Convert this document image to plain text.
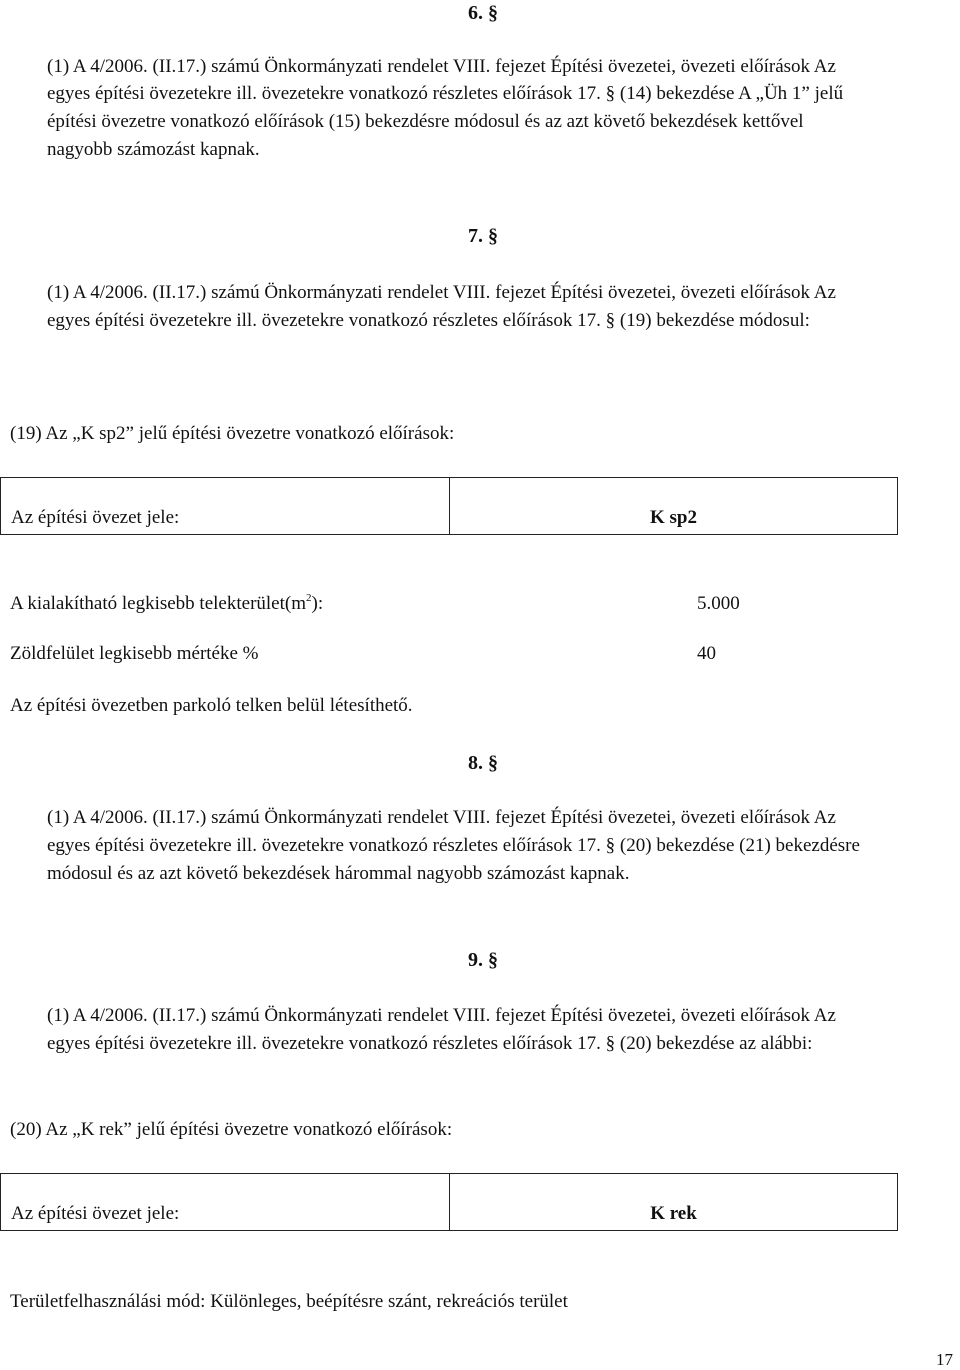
6. §
(1) A 4/2006. (II.17.) számú Önkormányzati rendelet VIII. fejezet Építési övezetei, övezeti előírások Az
egyes építési övezetekre ill. övezetekre vonatkozó részletes előírások 17. § (14) bekezdése A „Üh 1” jelű
építési övezetre vonatkozó előírások (15) bekezdésre módosul és az azt követő bekezdések kettővel
nagyobb számozást kapnak.
7. §
(1) A 4/2006. (II.17.) számú Önkormányzati rendelet VIII. fejezet Építési övezetei, övezeti előírások Az
egyes építési övezetekre ill. övezetekre vonatkozó részletes előírások 17. § (19) bekezdése módosul:
(19) Az „K sp2” jelű építési övezetre vonatkozó előírások:
Az építési övezet jele:	K sp2
A kialakítható legkisebb $telekterület(m^2)$:	5.000
Zöldfelület legkisebb mértéke %	40
Az építési övezetben parkoló telken belül létesíthető.
8. §
(1) A 4/2006. (II.17.) számú Önkormányzati rendelet VIII. fejezet Építési övezetei, övezeti előírások Az
egyes építési övezetekre ill. övezetekre vonatkozó részletes előírások 17. § (20) bekezdése (21) bekezdésre
módosul és az azt követő bekezdések hárommal nagyobb számozást kapnak.
9. §
(1) A 4/2006. (II.17.) számú Önkormányzati rendelet VIII. fejezet Építési övezetei, övezeti előírások Az
egyes építési övezetekre ill. övezetekre vonatkozó részletes előírások 17. § (20) bekezdése az alábbi:
(20) Az „K rek” jelű építési övezetre vonatkozó előírások:
Az építési övezet jele:	K rek
Területfelhasználási mód: Különleges, beépítésre szánt, rekreációs terület
17
